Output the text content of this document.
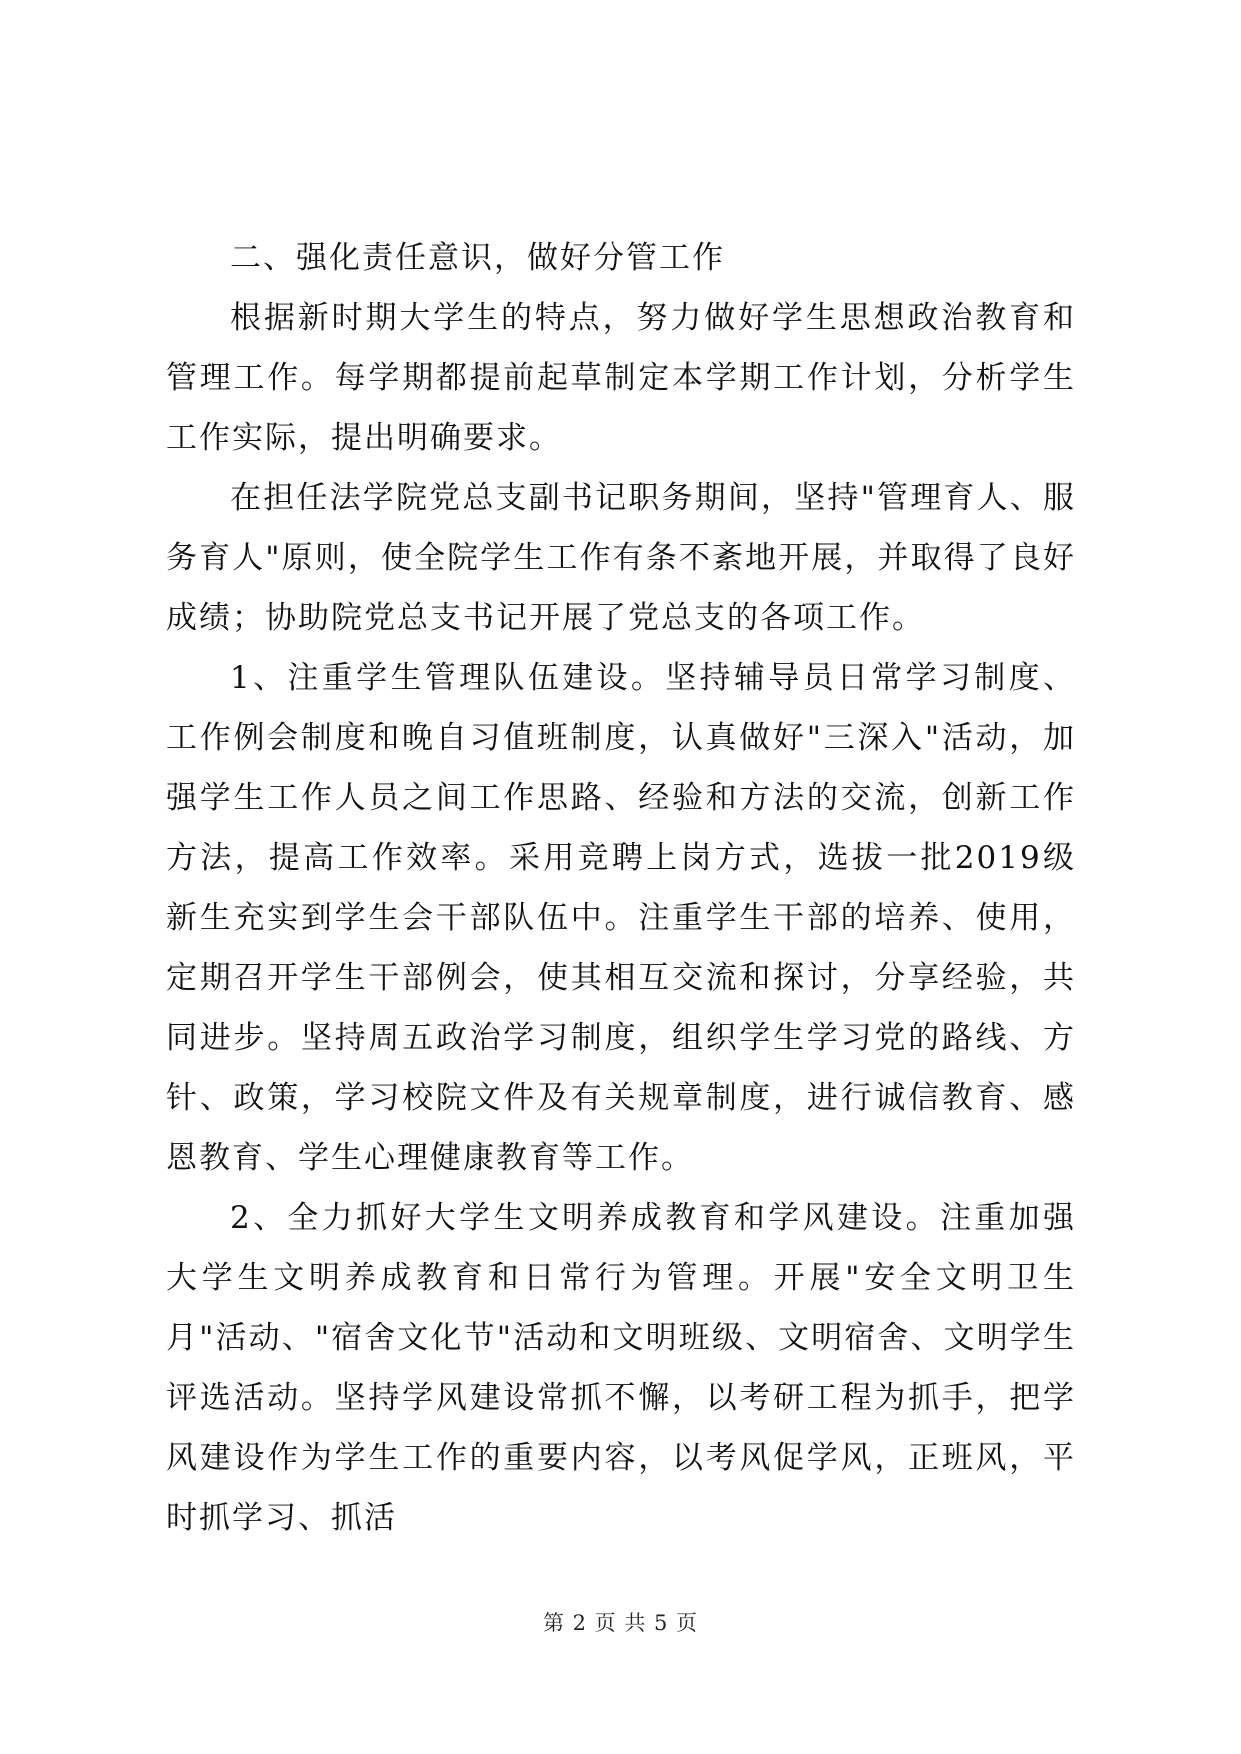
二、强化责任意识，做好分管工作

根据新时期大学生的特点，努力做好学生思想政治教育和管理工作。每学期都提前起草制定本学期工作计划，分析学生工作实际，提出明确要求。

在担任法学院党总支副书记职务期间，坚持"管理育人、服务育人"原则，使全院学生工作有条不紊地开展，并取得了良好成绩；协助院党总支书记开展了党总支的各项工作。

1、注重学生管理队伍建设。坚持辅导员日常学习制度、工作例会制度和晚自习值班制度，认真做好"三深入"活动，加强学生工作人员之间工作思路、经验和方法的交流，创新工作方法，提高工作效率。采用竞聘上岗方式，选拔一批2019级新生充实到学生会干部队伍中。注重学生干部的培养、使用，定期召开学生干部例会，使其相互交流和探讨，分享经验，共同进步。坚持周五政治学习制度，组织学生学习党的路线、方针、政策，学习校院文件及有关规章制度，进行诚信教育、感恩教育、学生心理健康教育等工作。

2、全力抓好大学生文明养成教育和学风建设。注重加强大学生文明养成教育和日常行为管理。开展"安全文明卫生月"活动、"宿舍文化节"活动和文明班级、文明宿舍、文明学生评选活动。坚持学风建设常抓不懈，以考研工程为抓手，把学风建设作为学生工作的重要内容，以考风促学风，正班风，平时抓学习、抓活

第 2 页 共 5 页
